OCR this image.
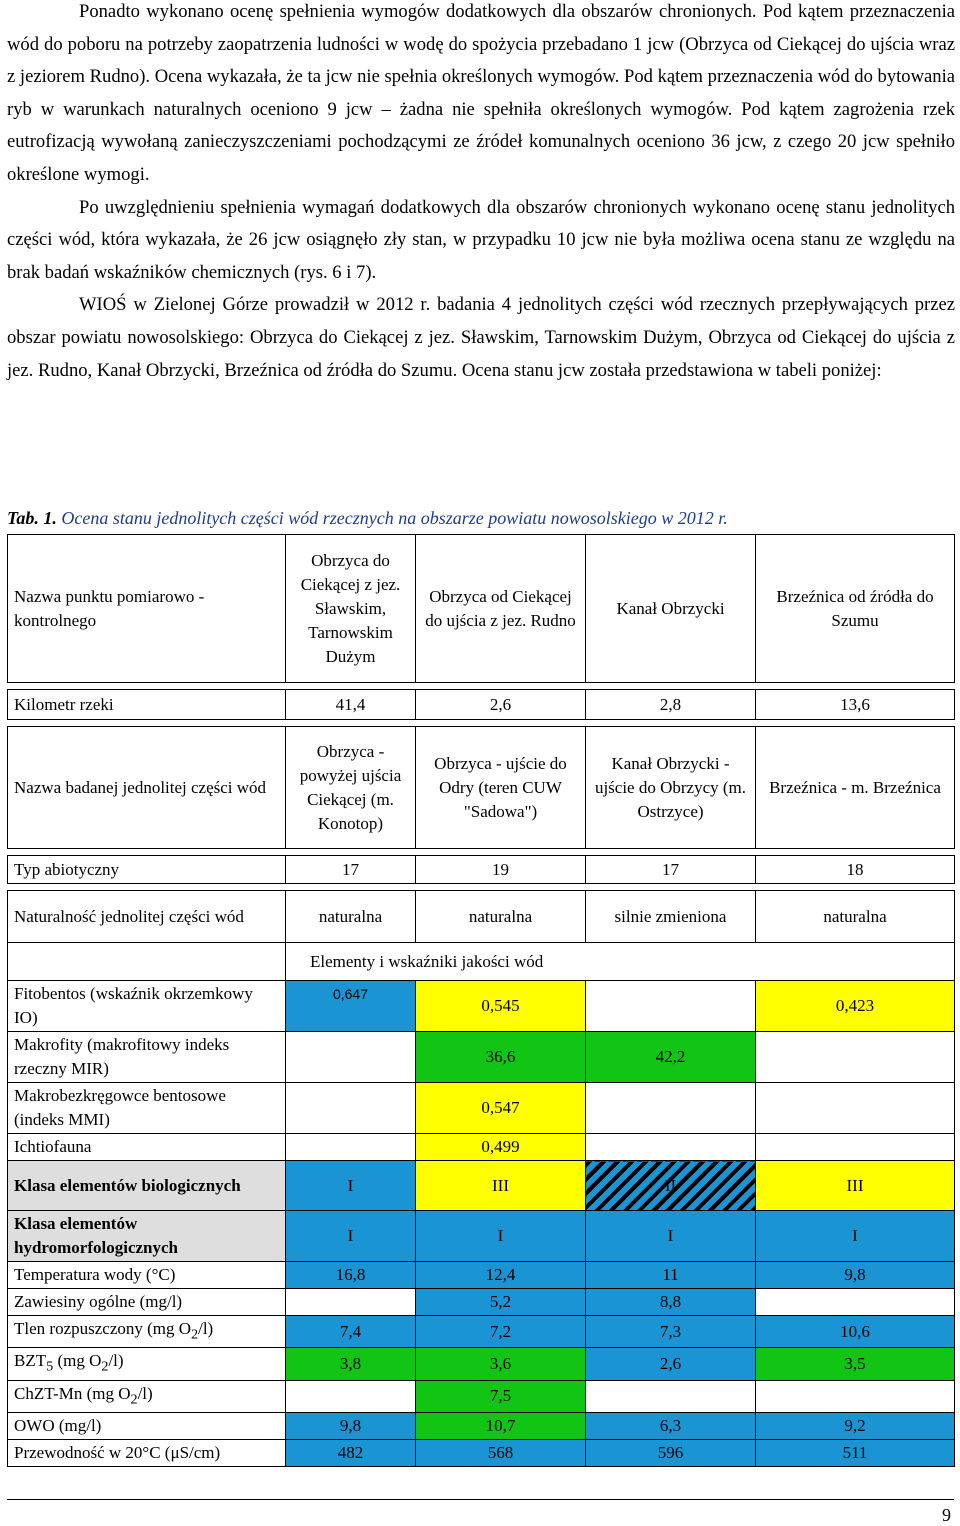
Ponadto wykonano ocenę spełnienia wymogów dodatkowych dla obszarów chronionych. Pod kątem przeznaczenia wód do poboru na potrzeby zaopatrzenia ludności w wodę do spożycia przebadano 1 jcw (Obrzyca od Ciekącej do ujścia wraz z jeziorem Rudno). Ocena wykazała, że ta jcw nie spełnia określonych wymogów. Pod kątem przeznaczenia wód do bytowania ryb w warunkach naturalnych oceniono 9 jcw – żadna nie spełniła określonych wymogów. Pod kątem zagrożenia rzek eutrofizacją wywołaną zanieczyszczeniami pochodzącymi ze źródeł komunalnych oceniono 36 jcw, z czego 20 jcw spełniło określone wymogi.

Po uwzględnieniu spełnienia wymagań dodatkowych dla obszarów chronionych wykonano ocenę stanu jednolitych części wód, która wykazała, że 26 jcw osiągnęło zły stan, w przypadku 10 jcw nie była możliwa ocena stanu ze względu na brak badań wskaźników chemicznych (rys. 6 i 7).

WIOŚ w Zielonej Górze prowadził w 2012 r. badania 4 jednolitych części wód rzecznych przepływających przez obszar powiatu nowosolskiego: Obrzyca do Ciekącej z jez. Sławskim, Tarnowskim Dużym, Obrzyca od Ciekącej do ujścia z jez. Rudno, Kanał Obrzycki, Brzeźnica od źródła do Szumu. Ocena stanu jcw została przedstawiona w tabeli poniżej:

Tab. 1. Ocena stanu jednolitych części wód rzecznych na obszarze powiatu nowosolskiego w 2012 r.
Nazwa punktu pomiarowo - kontrolnego	Obrzyca do Ciekącej z jez. Sławskim, Tarnowskim Dużym	Obrzyca od Ciekącej do ujścia z jez. Rudno	Kanał Obrzycki	Brzeźnica od źródła do Szumu

Kilometr rzeki	41,4	2,6	2,8	13,6

Nazwa badanej jednolitej części wód	Obrzyca - powyżej ujścia Ciekącej (m. Konotop)	Obrzyca - ujście do Odry (teren CUW "Sadowa")	Kanał Obrzycki - ujście do Obrzycy (m. Ostrzyce)	Brzeźnica - m. Brzeźnica

Typ abiotyczny	17	19	17	18

Naturalność jednolitej części wód	naturalna	naturalna	silnie zmieniona	naturalna
	Elementy i wskaźniki jakości wód			
Fitobentos (wskaźnik okrzemkowy IO)	0,647	0,545		0,423
Makrofity (makrofitowy indeks rzeczny MIR)		36,6	42,2	
Makrobezkręgowce bentosowe (indeks MMI)		0,547		
Ichtiofauna		0,499		
Klasa elementów biologicznych	I	III	II	III
Klasa elementów hydromorfologicznych	I	I	I	I
Temperatura wody (°C)	16,8	12,4	11	9,8
Zawiesiny ogólne (mg/l)		5,2	8,8	
Tlen rozpuszczony (mg $O_2/l$)	7,4	7,2	7,3	10,6
$BZT_5$ (mg $O_2/l$)	3,8	3,6	2,6	3,5
ChZT-Mn (mg $O_2/l$)		7,5		
OWO (mg/l)	9,8	10,7	6,3	9,2
Przewodność w 20°C (μS/cm)	482	568	596	511
9
